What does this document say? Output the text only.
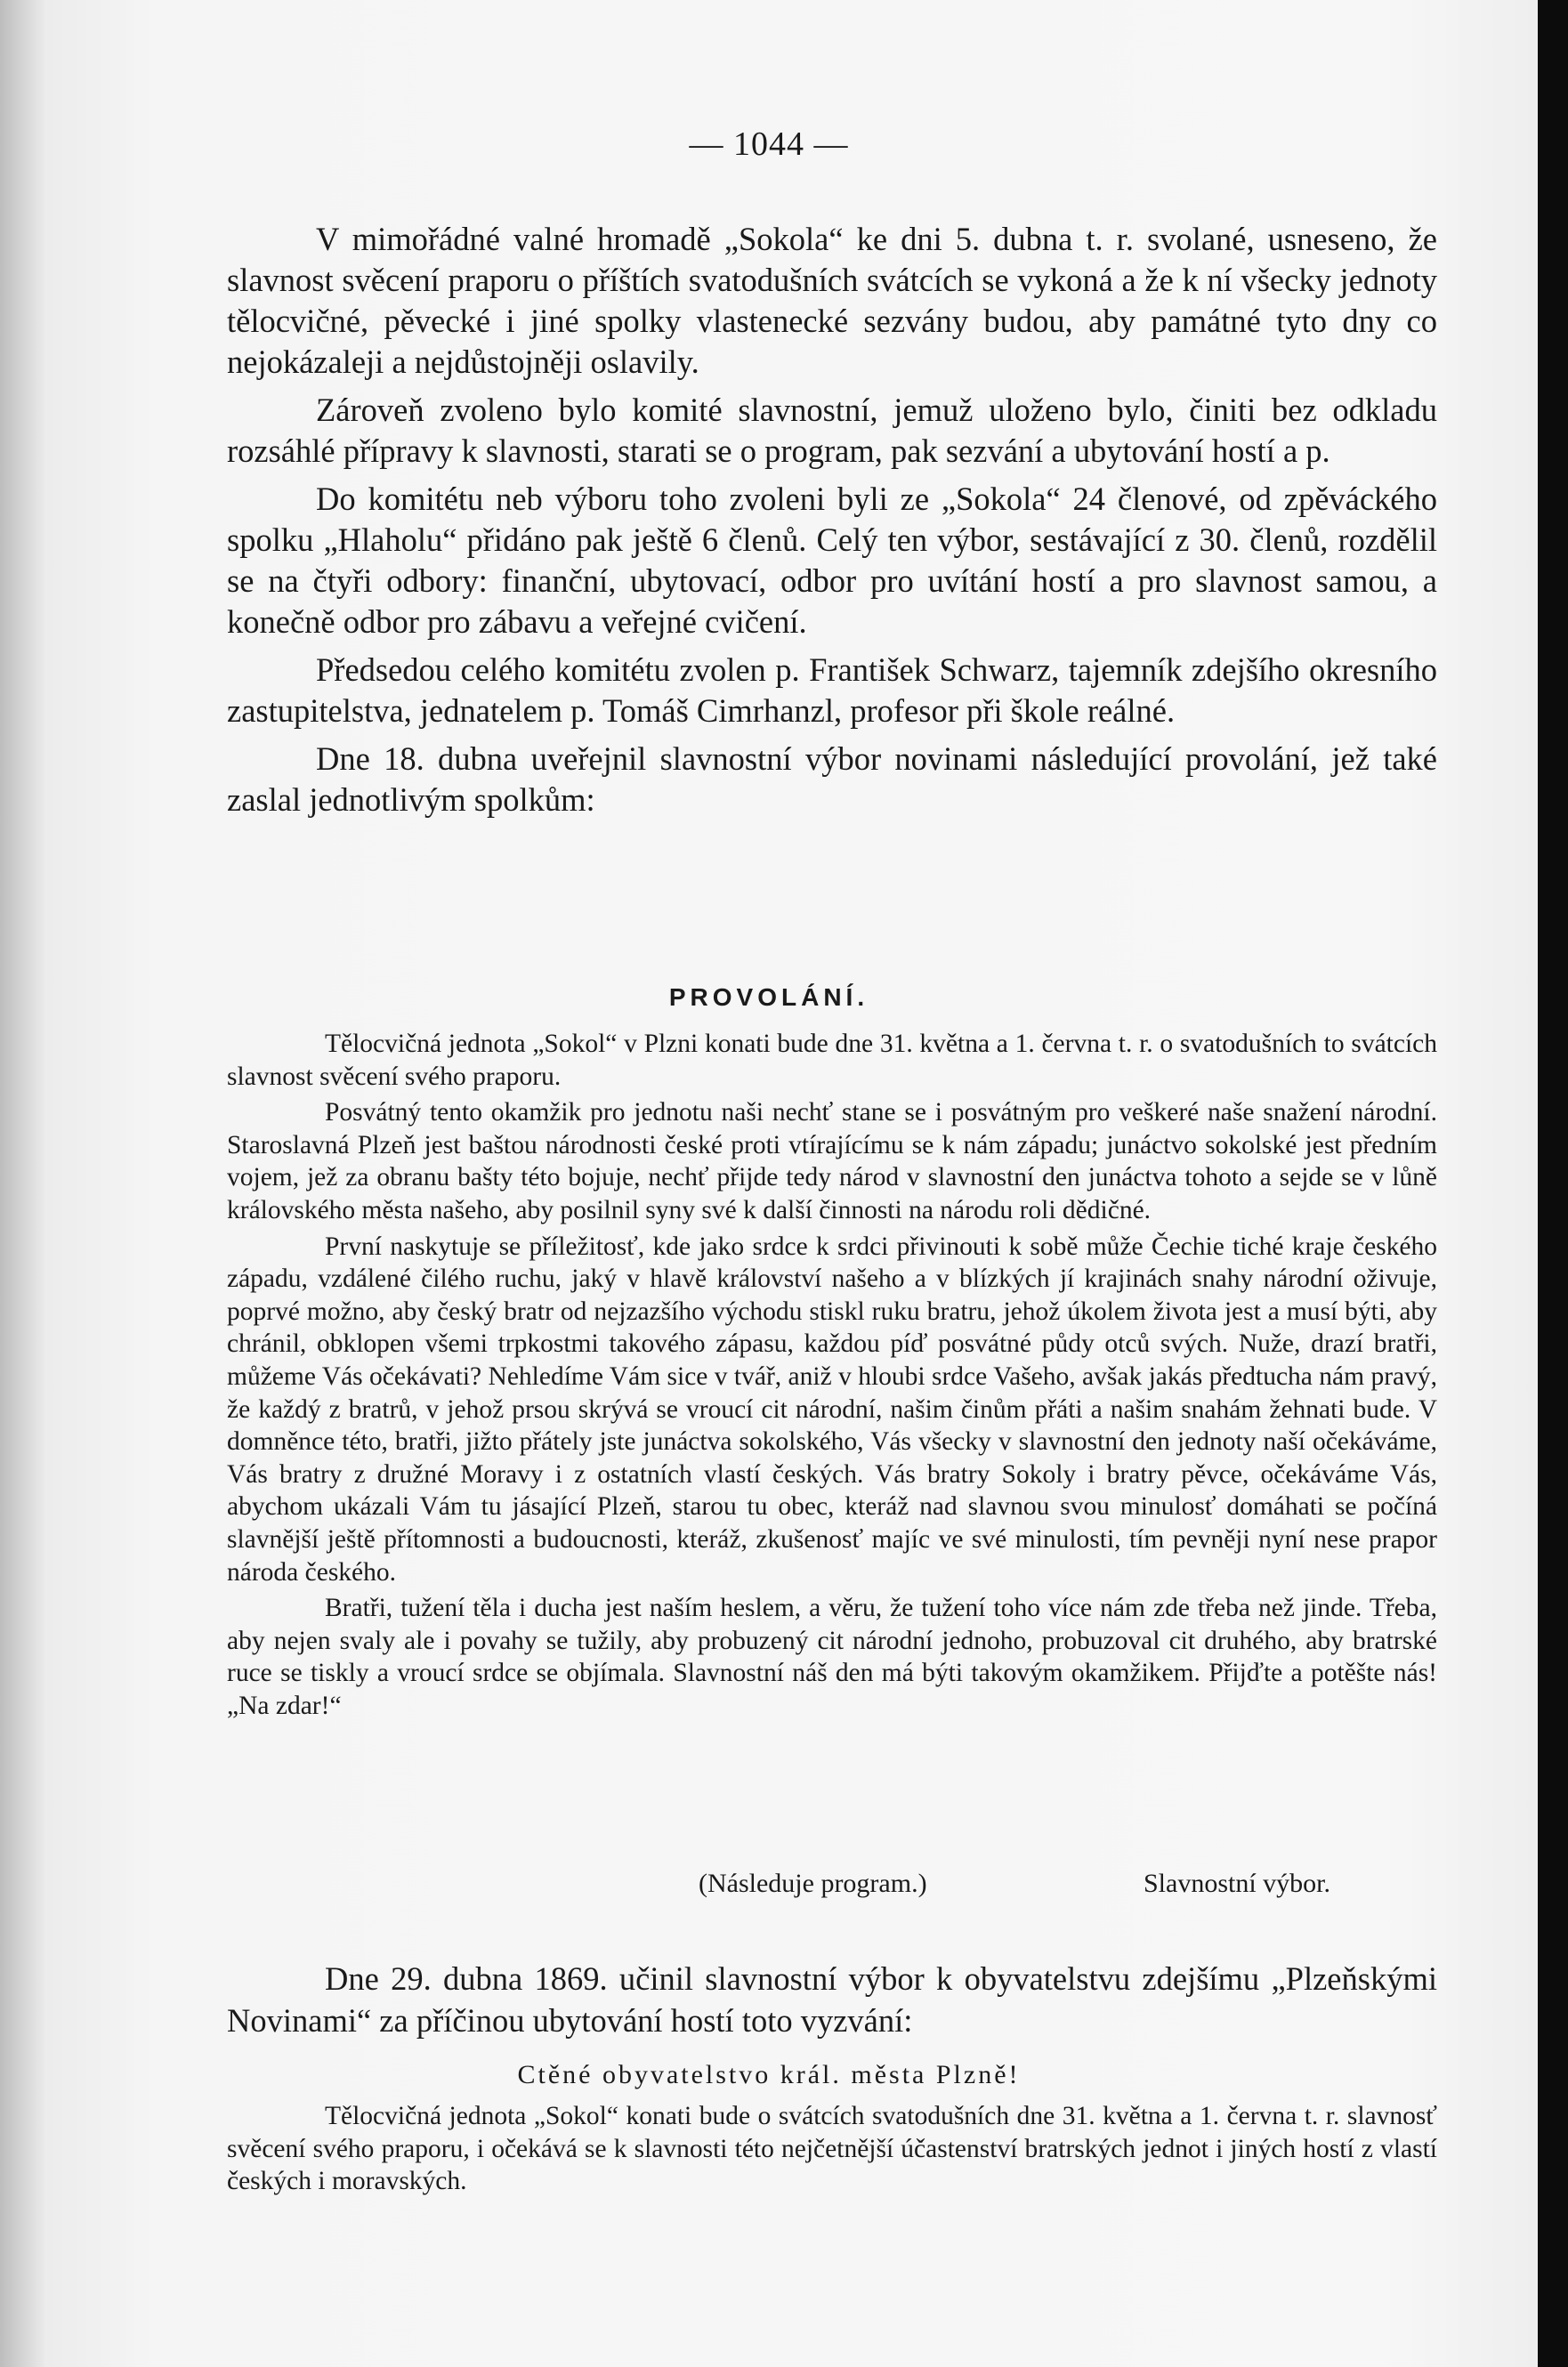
— 1044 —

V mimořádné valné hromadě „Sokola“ ke dni 5. dubna t. r. svolané, usneseno, že slavnost svěcení praporu o příštích svatodušních svátcích se vykoná a že k ní všecky jednoty tělocvičné, pěvecké i jiné spolky vlastenecké sezvány budou, aby památné tyto dny co nejokázaleji a nejdůstojněji oslavily.

Zároveň zvoleno bylo komité slavnostní, jemuž uloženo bylo, činiti bez odkladu rozsáhlé přípravy k slavnosti, starati se o program, pak sezvání a ubytování hostí a p.

Do komitétu neb výboru toho zvoleni byli ze „Sokola“ 24 členové, od zpěváckého spolku „Hlaholu“ přidáno pak ještě 6 členů. Celý ten výbor, sestávající z 30. členů, rozdělil se na čtyři odbory: finanční, ubytovací, odbor pro uvítání hostí a pro slavnost samou, a konečně odbor pro zábavu a veřejné cvičení.

Předsedou celého komitétu zvolen p. František Schwarz, tajemník zdejšího okresního zastupitelstva, jednatelem p. Tomáš Cimrhanzl, profesor při škole reálné.

Dne 18. dubna uveřejnil slavnostní výbor novinami následující provolání, jež také zaslal jednotlivým spolkům:

PROVOLÁNÍ.

Tělocvičná jednota „Sokol“ v Plzni konati bude dne 31. května a 1. června t. r. o svatodušních to svátcích slavnost svěcení svého praporu.

Posvátný tento okamžik pro jednotu naši nechť stane se i posvátným pro veškeré naše snažení národní. Staroslavná Plzeň jest baštou národnosti české proti vtírajícímu se k nám západu; junáctvo sokolské jest předním vojem, jež za obranu bašty této bojuje, nechť přijde tedy národ v slavnostní den junáctva tohoto a sejde se v lůně královského města našeho, aby posilnil syny své k další činnosti na národu roli dědičné.

První naskytuje se příležitosť, kde jako srdce k srdci přivinouti k sobě může Čechie tiché kraje českého západu, vzdálené čilého ruchu, jaký v hlavě království našeho a v blízkých jí krajinách snahy národní oživuje, poprvé možno, aby český bratr od nejzazšího východu stiskl ruku bratru, jehož úkolem života jest a musí býti, aby chránil, obklopen všemi trpkostmi takového zápasu, každou píď posvátné půdy otců svých. Nuže, drazí bratři, můžeme Vás očekávati? Nehledíme Vám sice v tvář, aniž v hloubi srdce Vašeho, avšak jakás předtucha nám pravý, že každý z bratrů, v jehož prsou skrývá se vroucí cit národní, našim činům přáti a našim snahám žehnati bude. V domněnce této, bratři, jižto přátely jste junáctva sokolského, Vás všecky v slavnostní den jednoty naší očekáváme, Vás bratry z družné Moravy i z ostatních vlastí českých. Vás bratry Sokoly i bratry pěvce, očekáváme Vás, abychom ukázali Vám tu jásající Plzeň, starou tu obec, kteráž nad slavnou svou minulosť domáhati se počíná slavnější ještě přítomnosti a budoucnosti, kteráž, zkušenosť majíc ve své minulosti, tím pevněji nyní nese prapor národa českého.

Bratři, tužení těla i ducha jest naším heslem, a věru, že tužení toho více nám zde třeba než jinde. Třeba, aby nejen svaly ale i povahy se tužily, aby probuzený cit národní jednoho, probuzoval cit druhého, aby bratrské ruce se tiskly a vroucí srdce se objímala. Slavnostní náš den má býti takovým okamžikem. Přijďte a potěšte nás! „Na zdar!“

(Následuje program.)	Slavnostní výbor.

Dne 29. dubna 1869. učinil slavnostní výbor k obyvatelstvu zdejšímu „Plzeňskými Novinami“ za příčinou ubytování hostí toto vyzvání:

Ctěné obyvatelstvo král. města Plzně!

Tělocvičná jednota „Sokol“ konati bude o svátcích svatodušních dne 31. května a 1. června t. r. slavnosť svěcení svého praporu, i očekává se k slavnosti této nejčetnější účastenství bratrských jednot i jiných hostí z vlastí českých i moravských.
